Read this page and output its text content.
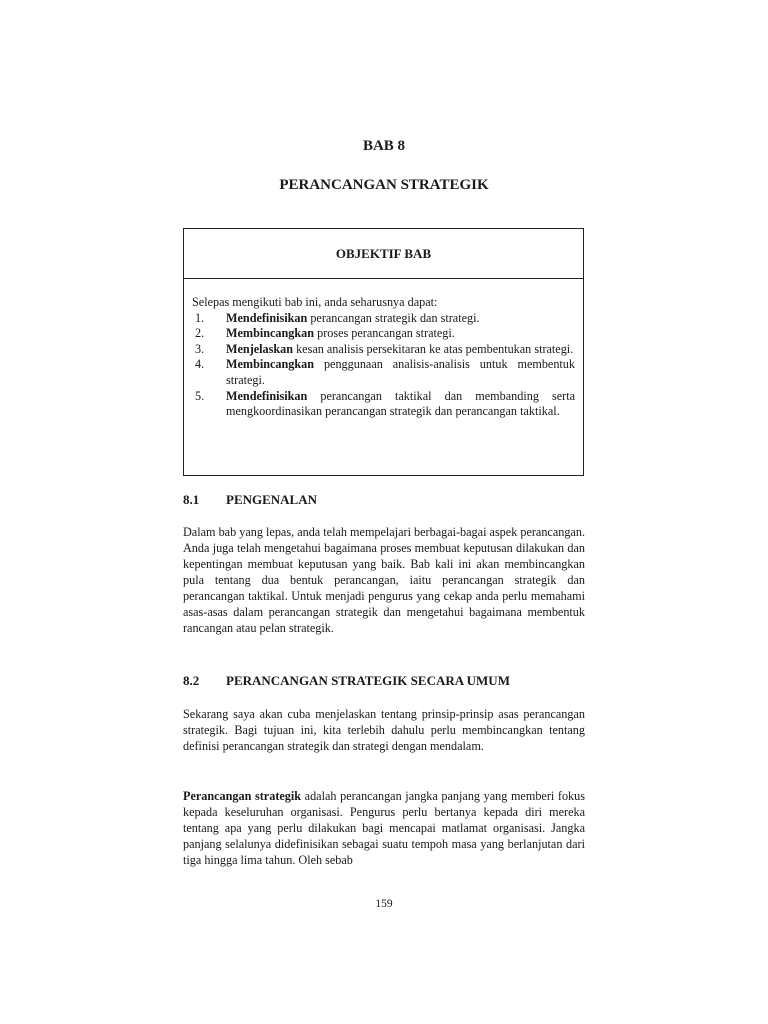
BAB 8
PERANCANGAN STRATEGIK
OBJEKTIF BAB
Selepas mengikuti bab ini, anda seharusnya dapat:
1.	Mendefinisikan perancangan strategik dan strategi.
2.	Membincangkan proses perancangan strategi.
3.	Menjelaskan kesan analisis persekitaran ke atas pembentukan strategi.
4.	Membincangkan penggunaan analisis-analisis untuk membentuk strategi.
5.	Mendefinisikan perancangan taktikal dan membanding serta mengkoordinasikan perancangan strategik dan perancangan taktikal.
8.1	PENGENALAN

Dalam bab yang lepas, anda telah mempelajari berbagai-bagai aspek perancangan. Anda juga telah mengetahui bagaimana proses membuat keputusan dilakukan dan kepentingan membuat keputusan yang baik. Bab kali ini akan membincangkan pula tentang dua bentuk perancangan, iaitu perancangan strategik dan perancangan taktikal. Untuk menjadi pengurus yang cekap anda perlu memahami asas-asas dalam perancangan strategik dan mengetahui bagaimana membentuk rancangan atau pelan strategik.

8.2	PERANCANGAN STRATEGIK SECARA UMUM

Sekarang saya akan cuba menjelaskan tentang prinsip-prinsip asas perancangan strategik. Bagi tujuan ini, kita terlebih dahulu perlu membincangkan tentang definisi perancangan strategik dan strategi dengan mendalam.

Perancangan strategik adalah perancangan jangka panjang yang memberi fokus kepada keseluruhan organisasi. Pengurus perlu bertanya kepada diri mereka tentang apa yang perlu dilakukan bagi mencapai matlamat organisasi. Jangka panjang selalunya didefinisikan sebagai suatu tempoh masa yang berlanjutan dari tiga hingga lima tahun. Oleh sebab

159
